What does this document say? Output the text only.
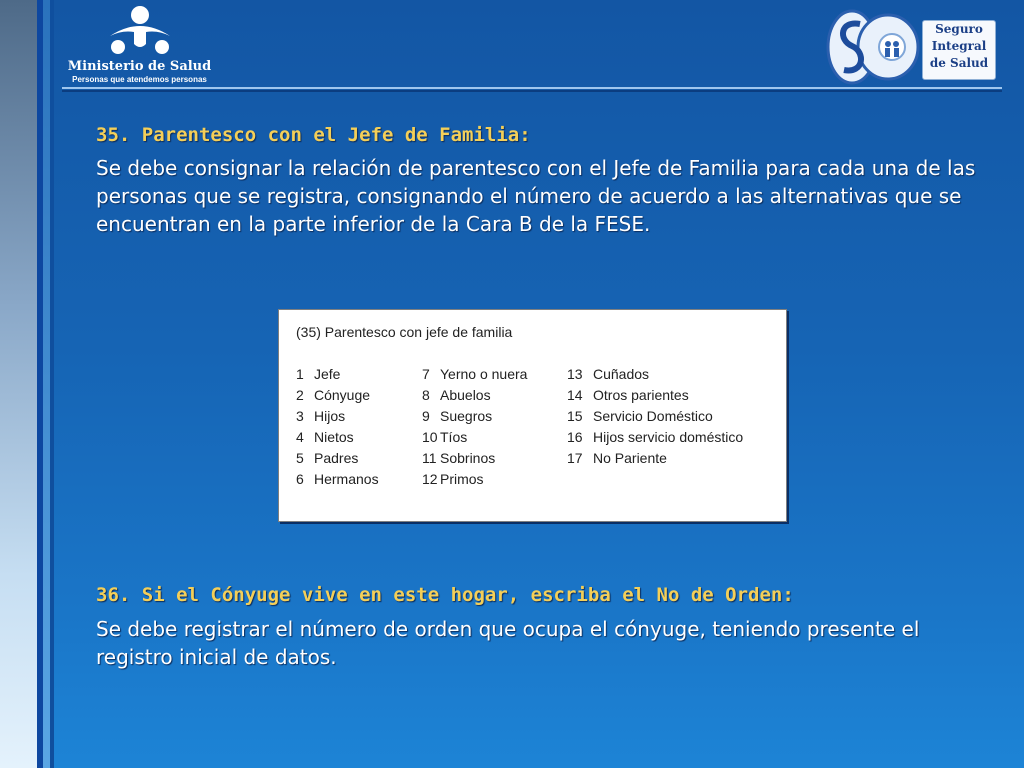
Ministerio de Salud
Personas que atendemos personas
Seguro
Integral
de Salud
35. Parentesco con el Jefe de Familia:

Se debe consignar la relación de parentesco con el Jefe de Familia para cada una de las personas que se registra, consignando el número de acuerdo a las alternativas que se encuentran en la parte inferior de la Cara B de la FESE.

(35) Parentesco con jefe de familia
1 Jefe
2 Cónyuge
3 Hijos
4 Nietos
5 Padres
6 Hermanos
7 Yerno o nuera
8 Abuelos
9 Suegros
10 Tíos
11 Sobrinos
12 Primos
13 Cuñados
14 Otros parientes
15 Servicio Doméstico
16 Hijos servicio doméstico
17 No Pariente
36. Si el Cónyuge vive en este hogar, escriba el No de Orden:

Se debe registrar el número de orden que ocupa el cónyuge, teniendo presente el registro inicial de datos.
